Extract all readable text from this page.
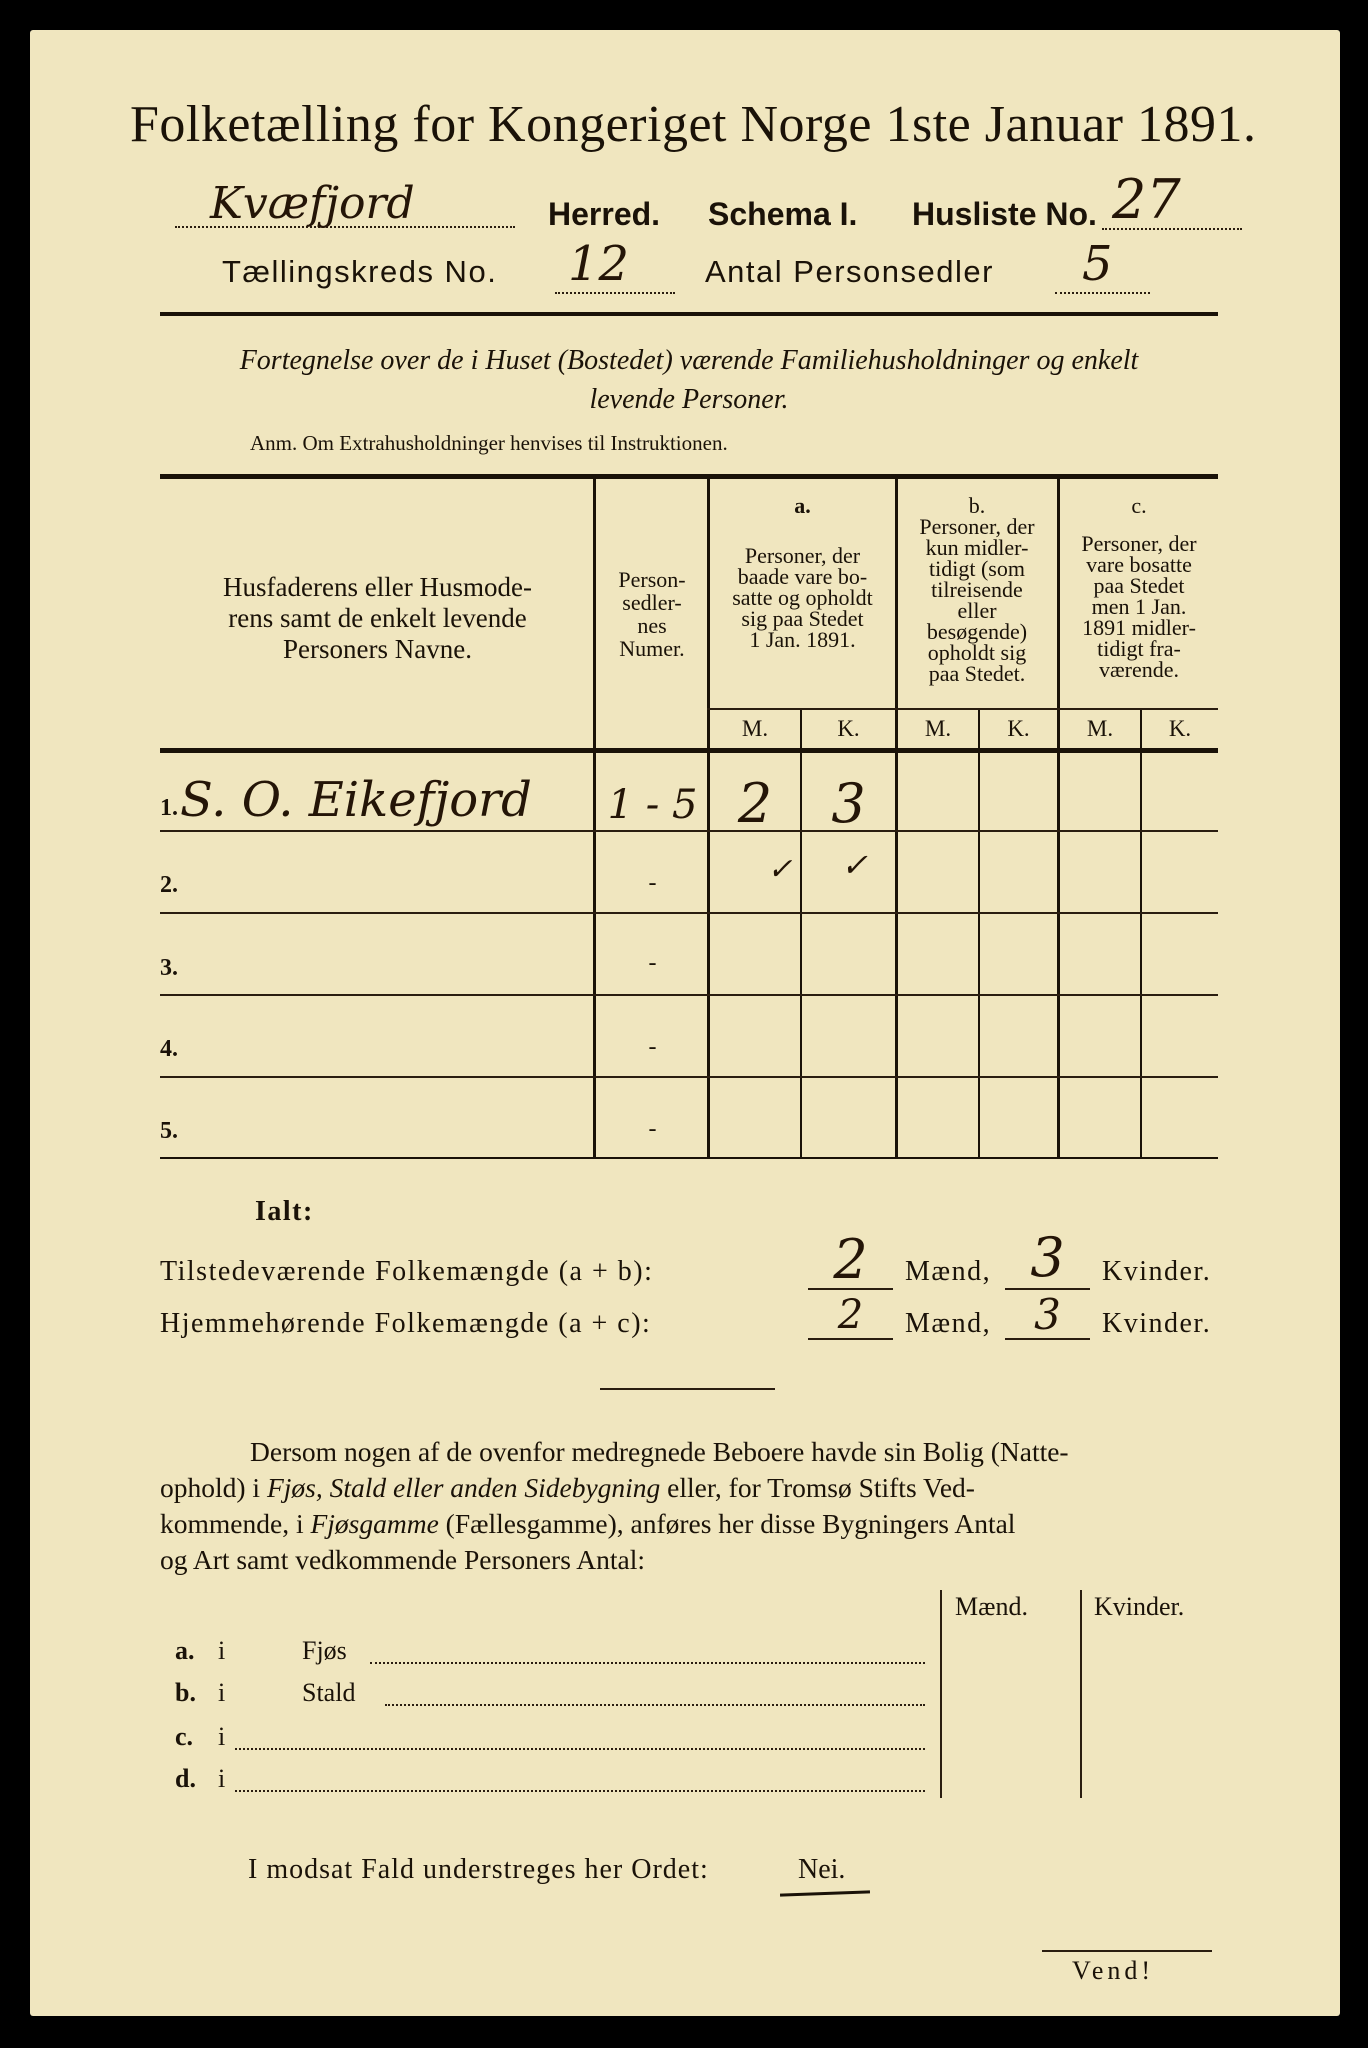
Folketælling for Kongeriget Norge 1ste Januar 1891.
Kvæfjord	Herred. Schema I. Husliste No. 27
Tællingskreds No. 12 Antal Personsedler 5
Fortegnelse over de i Huset (Bostedet) værende Familiehusholdninger og enkelt
levende Personer.
Anm. Om Extrahusholdninger henvises til Instruktionen.
Husfaderens eller Husmode-
rens samt de enkelt levende
Personers Navne.
Person-
sedler-
nes
Numer.
a.
Personer, der
baade vare bo-
satte og opholdt
sig paa Stedet
1 Jan. 1891.
b.
Personer, der
kun midler-
tidigt (som
tilreisende
eller
besøgende)
opholdt sig
paa Stedet.
c.
Personer, der
vare bosatte
paa Stedet
men 1 Jan.
1891 midler-
tidigt fra-
værende.
M.	K.	M.	K.	M.	K.
1. S. O. Eikefjord 1 - 5 2	3
2.	-	✓	✓
3.	-
4.	-
5.	-
Ialt:
Tilstedeværende Folkemængde (a + b):	2	Mænd, 3	Kvinder.
Hjemmehørende Folkemængde (a + c):	2	Mænd,	3	Kvinder.
Dersom nogen af de ovenfor medregnede Beboere havde sin Bolig (Natte-
ophold) i Fjøs, Stald eller anden Sidebygning eller, for Tromsø Stifts Ved-
kommende, i Fjøsgamme (Fællesgamme), anføres her disse Bygningers Antal
og Art samt vedkommende Personers Antal:
Mænd.	Kvinder.
a. i	Fjøs
b. i	Stald
c. i
d. i
I modsat Fald understreges her Ordet:	Nei.
Vend!
